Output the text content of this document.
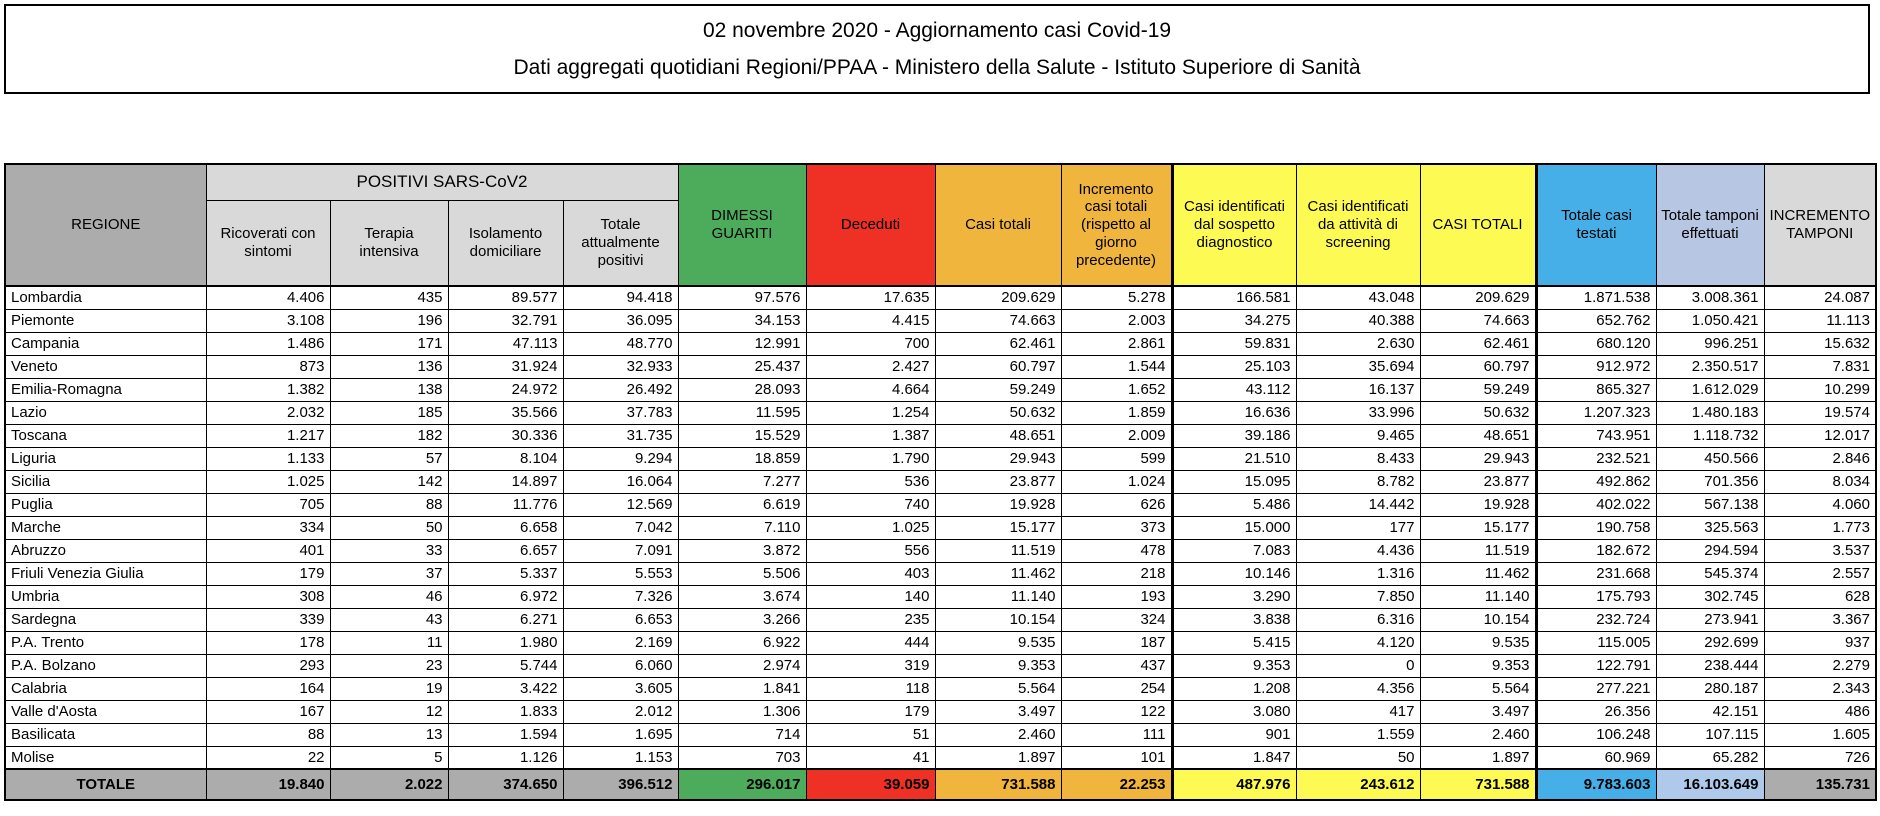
02 novembre 2020 - Aggiornamento casi Covid-19
Dati aggregati quotidiani Regioni/PPAA - Ministero della Salute - Istituto Superiore di Sanità
REGIONE	POSITIVI SARS-CoV2				DIMESSI GUARITI	Deceduti	Casi totali	Incremento casi totali (rispetto al giorno precedente)	Casi identificati dal sospetto diagnostico	Casi identificati da attività di screening	CASI TOTALI	Totale casi testati	Totale tamponi effettuati	INCREMENTO TAMPONI
	Ricoverati con sintomi	Terapia intensiva	Isolamento domiciliare	Totale attualmente positivi										
Lombardia	4.406	435	89.577	94.418	97.576	17.635	209.629	5.278	166.581	43.048	209.629	1.871.538	3.008.361	24.087
Piemonte	3.108	196	32.791	36.095	34.153	4.415	74.663	2.003	34.275	40.388	74.663	652.762	1.050.421	11.113
Campania	1.486	171	47.113	48.770	12.991	700	62.461	2.861	59.831	2.630	62.461	680.120	996.251	15.632
Veneto	873	136	31.924	32.933	25.437	2.427	60.797	1.544	25.103	35.694	60.797	912.972	2.350.517	7.831
Emilia-Romagna	1.382	138	24.972	26.492	28.093	4.664	59.249	1.652	43.112	16.137	59.249	865.327	1.612.029	10.299
Lazio	2.032	185	35.566	37.783	11.595	1.254	50.632	1.859	16.636	33.996	50.632	1.207.323	1.480.183	19.574
Toscana	1.217	182	30.336	31.735	15.529	1.387	48.651	2.009	39.186	9.465	48.651	743.951	1.118.732	12.017
Liguria	1.133	57	8.104	9.294	18.859	1.790	29.943	599	21.510	8.433	29.943	232.521	450.566	2.846
Sicilia	1.025	142	14.897	16.064	7.277	536	23.877	1.024	15.095	8.782	23.877	492.862	701.356	8.034
Puglia	705	88	11.776	12.569	6.619	740	19.928	626	5.486	14.442	19.928	402.022	567.138	4.060
Marche	334	50	6.658	7.042	7.110	1.025	15.177	373	15.000	177	15.177	190.758	325.563	1.773
Abruzzo	401	33	6.657	7.091	3.872	556	11.519	478	7.083	4.436	11.519	182.672	294.594	3.537
Friuli Venezia Giulia	179	37	5.337	5.553	5.506	403	11.462	218	10.146	1.316	11.462	231.668	545.374	2.557
Umbria	308	46	6.972	7.326	3.674	140	11.140	193	3.290	7.850	11.140	175.793	302.745	628
Sardegna	339	43	6.271	6.653	3.266	235	10.154	324	3.838	6.316	10.154	232.724	273.941	3.367
P.A. Trento	178	11	1.980	2.169	6.922	444	9.535	187	5.415	4.120	9.535	115.005	292.699	937
P.A. Bolzano	293	23	5.744	6.060	2.974	319	9.353	437	9.353	0	9.353	122.791	238.444	2.279
Calabria	164	19	3.422	3.605	1.841	118	5.564	254	1.208	4.356	5.564	277.221	280.187	2.343
Valle d'Aosta	167	12	1.833	2.012	1.306	179	3.497	122	3.080	417	3.497	26.356	42.151	486
Basilicata	88	13	1.594	1.695	714	51	2.460	111	901	1.559	2.460	106.248	107.115	1.605
Molise	22	5	1.126	1.153	703	41	1.897	101	1.847	50	1.897	60.969	65.282	726
TOTALE	19.840	2.022	374.650	396.512	296.017	39.059	731.588	22.253	487.976	243.612	731.588	9.783.603	16.103.649	135.731
